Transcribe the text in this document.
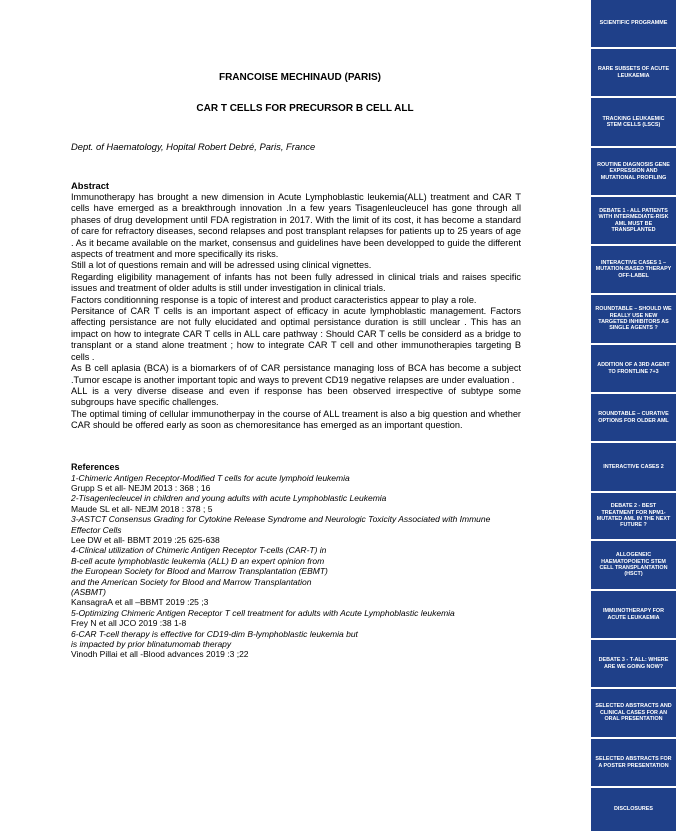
FRANCOISE MECHINAUD (PARIS)
CAR T CELLS FOR PRECURSOR B CELL ALL
Dept. of Haematology, Hopital Robert Debré, Paris, France
Abstract
Immunotherapy has brought a new dimension in Acute Lymphoblastic leukemia(ALL) treatment and CAR T cells have emerged as a breakthrough innovation .In a few years Tisagenleucleucel has gone through all phases of drug development until FDA registration in 2017. With the limit of its cost, it has become a standard of care for refractory diseases, second relapses and post transplant relapses for patients up to 25 years of age . As it became available on the market, consensus and guidelines have been developped to guide the different aspects of treatment and more specifically its risks.
Still a lot of questions remain and will be adressed using clinical vignettes.
Regarding eligibility management of infants has not been fully adressed in clinical trials and raises specific issues and treatment of older adults is still under investigation in clinical trials.
Factors conditionning response is a topic of interest and product caracteristics appear to play a role.
Persitance of CAR T cells is an important aspect of efficacy in acute lymphoblastic management. Factors affecting persistance are not fully elucidated and optimal persistance duration is still unclear . This has an impact on how to integrate CAR T cells in ALL care pathway : Should CAR T cells be considerd as a bridge to transplant or a stand alone treatment ; how to integrate CAR T cell and other immunotherapies targeting B cells .
As B cell aplasia (BCA) is a biomarkers of of CAR persistance managing loss of BCA has become a subject .Tumor escape is another important topic and ways to prevent CD19 negative relapses are under evaluation .
ALL is a very diverse disease and even if response has been observed irrespective of subtype some subgroups have specific challenges.
The optimal timing of cellular immunotherpay in the course of ALL treament is also a big question and whether CAR should be offered early as soon as chemoresitance has emerged as an important question.
References
1-Chimeric Antigen Receptor-Modified T cells for acute lymphoid leukemia
Grupp S et all- NEJM 2013 : 368 ; 16
2-Tisagenlecleucel in children and young adults with acute Lymphoblastic Leukemia
Maude SL et all- NEJM 2018 : 378 ; 5
3-ASTCT Consensus Grading for Cytokine Release Syndrome and Neurologic Toxicity Associated with Immune Effector Cells
Lee DW et all- BBMT 2019 :25 625-638
4-Clinical utilization of Chimeric Antigen Receptor T-cells (CAR-T) in
B-cell acute lymphoblastic leukemia (ALL) Ð an expert opinion from
the European Society for Blood and Marrow Transplantation (EBMT)
and the American Society for Blood and Marrow Transplantation
(ASBMT)
KansagraA et all –BBMT 2019 :25 ;3
5-Optimizing Chimeric Antigen Receptor T cell treatment for adults with Acute Lymphoblastic leukemia
Frey N et all JCO 2019 :38 1-8
6-CAR T-cell therapy is effective for CD19-dim B-lymphoblastic leukemia but
is impacted by prior blinatumomab therapy
Vinodh Pillai et all -Blood advances 2019 :3 ;22
SCIENTIFIC PROGRAMME
RARE SUBSETS OF ACUTE LEUKAEMIA
TRACKING LEUKAEMIC STEM CELLS (LSCS)
ROUTINE DIAGNOSIS GENE EXPRESSION AND MUTATIONAL PROFILING
DEBATE 1 - ALL PATIENTS WITH INTERMEDIATE-RISK AML MUST BE TRANSPLANTED
INTERACTIVE CASES 1 – MUTATION-BASED THERAPY OFF-LABEL
ROUNDTABLE – SHOULD WE REALLY USE NEW TARGETED INHIBITORS AS SINGLE AGENTS ?
ADDITION OF A 3RD AGENT TO FRONTLINE 7+3
ROUNDTABLE – CURATIVE OPTIONS FOR OLDER AML
INTERACTIVE CASES 2
DEBATE 2 - BEST TREATMENT FOR NPM1-MUTATED AML IN THE NEXT FUTURE ?
ALLOGENEIC HAEMATOPOIETIC STEM CELL TRANSPLANTATION (HSCT)
IMMUNOTHERAPY FOR ACUTE LEUKAEMIA
DEBATE 3 - T-ALL: WHERE ARE WE GOING NOW?
SELECTED ABSTRACTS AND CLINICAL CASES FOR AN ORAL PRESENTATION
SELECTED ABSTRACTS FOR A POSTER PRESENTATION
DISCLOSURES
